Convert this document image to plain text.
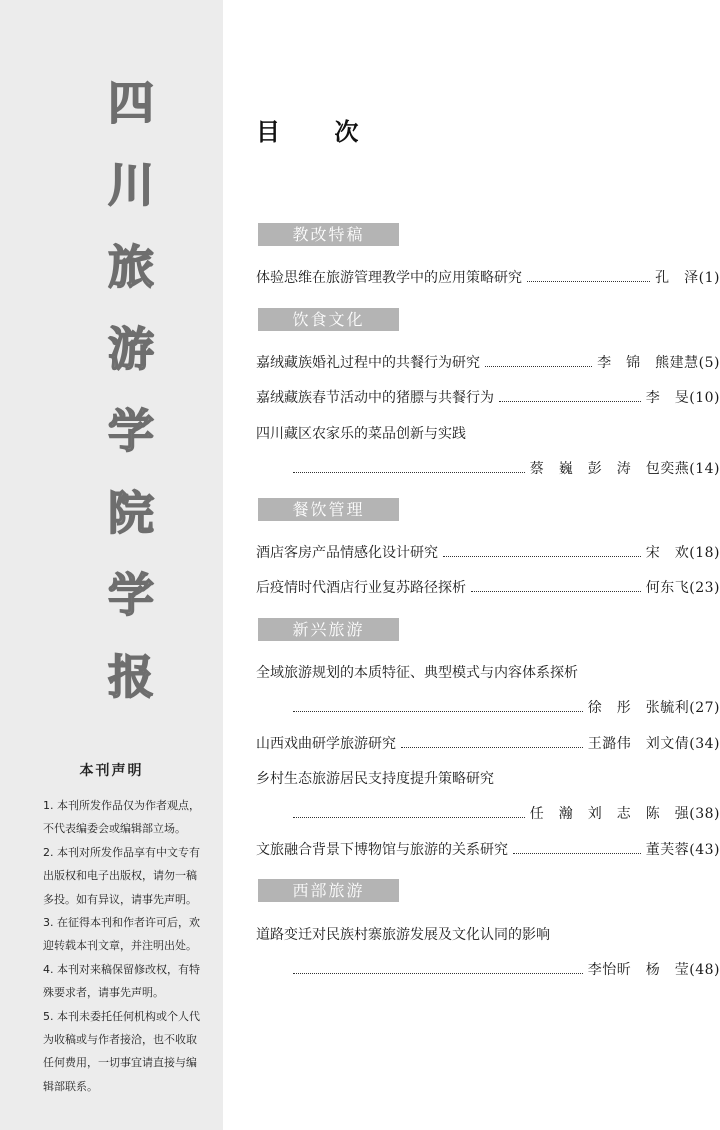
四
川
旅
游
学
院
学
报
本刊声明
1. 本刊所发作品仅为作者观点，
不代表编委会或编辑部立场。
2. 本刊对所发作品享有中文专有
出版权和电子出版权，请勿一稿
多投。如有异议，请事先声明。
3. 在征得本刊和作者许可后，欢
迎转载本刊文章，并注明出处。
4. 本刊对来稿保留修改权，有特
殊要求者，请事先声明。
5. 本刊未委托任何机构或个人代
为收稿或与作者接洽，也不收取
任何费用，一切事宜请直接与编
辑部联系。
目 次
教改特稿
体验思维在旅游管理教学中的应用策略研究	孔　泽(1)
饮食文化
嘉绒藏族婚礼过程中的共餐行为研究	李　锦　熊建慧(5)
嘉绒藏族春节活动中的猪膘与共餐行为	李　旻(10)
四川藏区农家乐的菜品创新与实践
蔡　巍　彭　涛　包奕燕(14)
餐饮管理
酒店客房产品情感化设计研究	宋　欢(18)
后疫情时代酒店行业复苏路径探析	何东飞(23)
新兴旅游
全域旅游规划的本质特征、典型模式与内容体系探析
徐　彤　张毓利(27)
山西戏曲研学旅游研究	王潞伟　刘文倩(34)
乡村生态旅游居民支持度提升策略研究
任　瀚　刘　志　陈　强(38)
文旅融合背景下博物馆与旅游的关系研究	董芙蓉(43)
西部旅游
道路变迁对民族村寨旅游发展及文化认同的影响
李怡昕　杨　莹(48)
